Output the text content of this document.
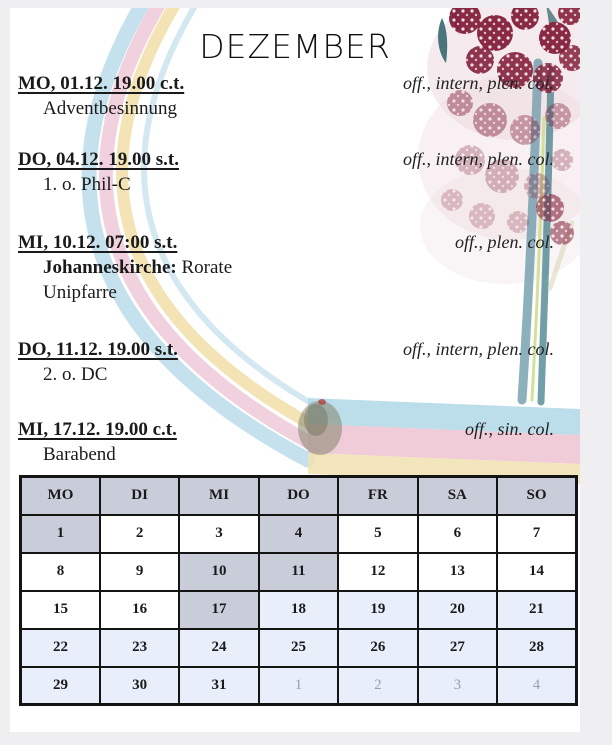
DEZEMBER
MO, 01.12. 19.00 c.t.	off., intern, plen. col.
Adventbesinnung
DO, 04.12. 19.00 s.t.	off., intern, plen. col.
1. o. Phil-C
MI, 10.12. 07:00 s.t.	off., plen. col.
Johanneskirche: Rorate
Unipfarre
DO, 11.12. 19.00 s.t.	off., intern, plen. col.
2. o. DC
MI, 17.12. 19.00 c.t.	off., sin. col.
Barabend
MO	DI	MI	DO	FR	SA	SO
1	2	3	4	5	6	7
8	9	10	11	12	13	14
15	16	17	18	19	20	21
22	23	24	25	26	27	28
29	30	31	1	2	3	4
